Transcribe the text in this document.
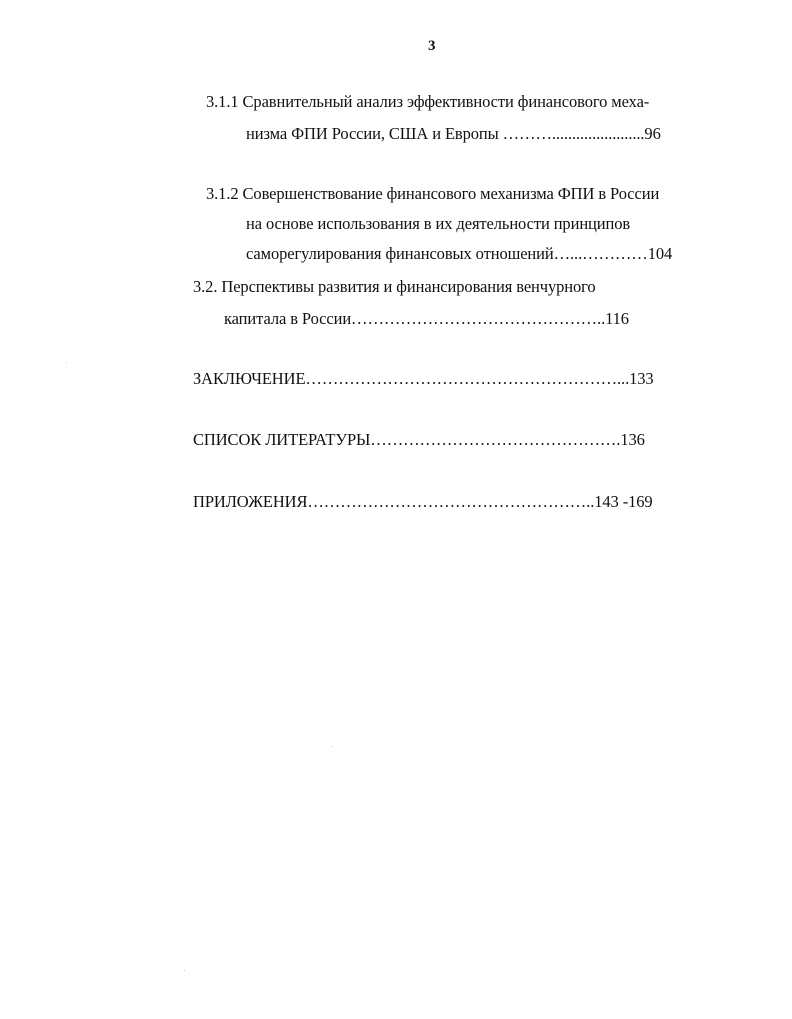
3
3.1.1 Сравнительный анализ эффективности финансового меха-
низма ФПИ России, США и Европы ……….......................96
3.1.2 Совершенствование финансового механизма ФПИ в России
на основе использования в их деятельности принципов
саморегулирования финансовых отношений…...…………104
3.2. Перспективы развития и финансирования венчурного
капитала в России………………………………………..116
ЗАКЛЮЧЕНИЕ…………………………………………………...133
СПИСОК ЛИТЕРАТУРЫ……………………………………….136
ПРИЛОЖЕНИЯ……………………………………………..143 -169
